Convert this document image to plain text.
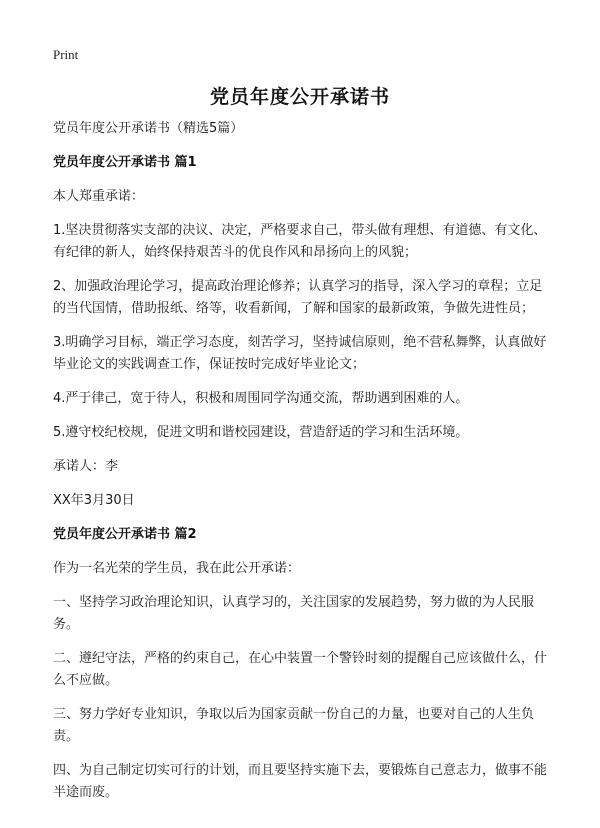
Print
党员年度公开承诺书

党员年度公开承诺书（精选5篇）

党员年度公开承诺书 篇1

本人郑重承诺：

1.坚决贯彻落实支部的决议、决定，严格要求自己，带头做有理想、有道德、有文化、有纪律的新人，始终保持艰苦斗的优良作风和昂扬向上的风貌；

2、加强政治理论学习，提高政治理论修养；认真学习的指导，深入学习的章程；立足的当代国情，借助报纸、络等，收看新闻，了解和国家的最新政策，争做先进性员；

3.明确学习目标，端正学习态度，刻苦学习，坚持诚信原则，绝不营私舞弊，认真做好毕业论文的实践调查工作，保证按时完成好毕业论文；

4.严于律己，宽于待人，积极和周围同学沟通交流，帮助遇到困难的人。

5.遵守校纪校规，促进文明和谐校园建设，营造舒适的学习和生活环境。

承诺人：李

XX年3月30日

党员年度公开承诺书 篇2

作为一名光荣的学生员，我在此公开承诺：

一、坚持学习政治理论知识，认真学习的，关注国家的发展趋势，努力做的为人民服务。

二、遵纪守法，严格的约束自己，在心中装置一个警铃时刻的提醒自己应该做什么，什么不应做。

三、努力学好专业知识，争取以后为国家贡献一份自己的力量，也要对自己的人生负责。

四、为自己制定切实可行的计划，而且要坚持实施下去，要锻炼自己意志力，做事不能半途而废。
